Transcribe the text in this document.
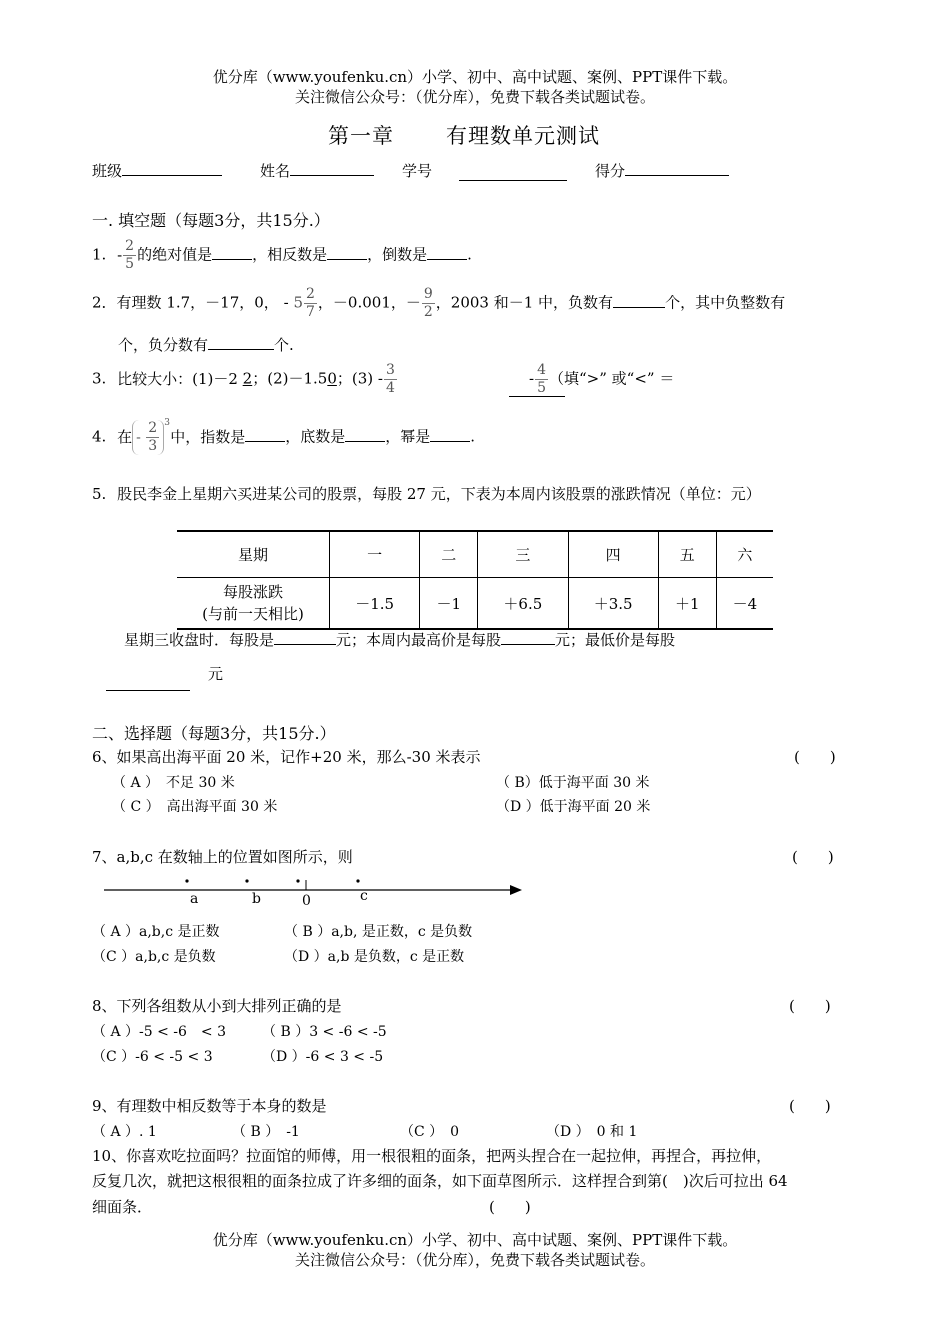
优分库（www.youfenku.cn）小学、初中、高中试题、案例、PPT课件下载。
关注微信公众号：（优分库），免费下载各类试题试卷。
第一章 有理数单元测试
班级	姓名	学号	得分
一. 填空题（每题3分，共15分.）
1. - $\frac{2}{5}$ 的绝对值是	，相反数是	，倒数是	.
2．有理数 1.7，－17，0， - $5 \frac{2}{7}$ ，－0.001，－ $\frac{9}{2}$ ，2003 和－1 中，负数有	个，其中负整数有
个，负分数有	个.
3. 比较大小：(1)－2 2；(2)－1.50；$(3) - \frac{3}{4}$	- $\frac{4}{5}$ （填“>” 或“<” ＝
4. 在 - $\frac{2}{3} 3$
中，指数是	，底数是	，幂是	.
5. 股民李金上星期六买进某公司的股票，每股 27 元，下表为本周内该股票的涨跌情况（单位：元）
星期	一	二	三	四	五	六
每股涨跌
(与前一天相比)	－1.5	－1	＋6.5	＋3.5	＋1	－4
星期三收盘时．每股是	元；本周内最高价是每股	元；最低价是每股
元
二、选择题（每题3分，共15分.）
6、如果高出海平面 20 米，记作+20 米，那么-30 米表示	(　　)
（ A ）　不足 30 米	（ B）低于海平面 30 米
（ C ）　高出海平面 30 米	（D ）低于海平面 20 米
7、a,b,c 在数轴上的位置如图所示，则	(　　)
a	b	0	c
（ A ）a,b,c 是正数	（ B ）a,b, 是正数，c 是负数
（C ）a,b,c 是负数	（D ）a,b 是负数，c 是正数
8、下列各组数从小到大排列正确的是	(　　)
（ A ）-5 < -6　< 3	（ B ）3 < -6 < -5
（C ）-6 < -5 < 3	（D ）-6 < 3 < -5
9、有理数中相反数等于本身的数是	(　　)
（ A ）. 1	（ B ）　-1	（C ）　0	（D ）　0 和 1
10、你喜欢吃拉面吗？拉面馆的师傅，用一根很粗的面条，把两头捏合在一起拉伸，再捏合，再拉伸，
反复几次，就把这根很粗的面条拉成了许多细的面条，如下面草图所示．这样捏合到第(　)次后可拉出 64
细面条．	(　　)
优分库（www.youfenku.cn）小学、初中、高中试题、案例、PPT课件下载。
关注微信公众号：（优分库），免费下载各类试题试卷。
